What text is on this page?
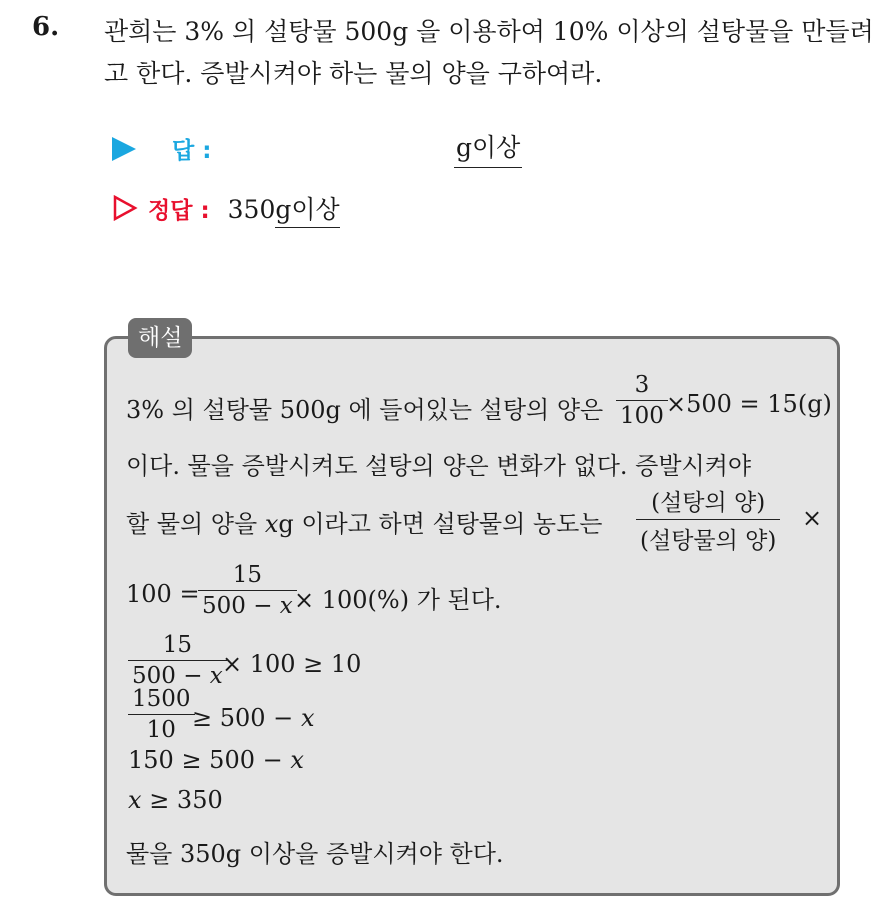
6. 관희는 3% 의 설탕물 500g 을 이용하여 10% 이상의 설탕물을 만들려
고 한다. 증발시켜야 하는 물의 양을 구하여라.
답 :	g이상
정답 : 350g이상
해설
3% 의 설탕물 500g 에 들어있는 설탕의 양은 $\frac{3}{100}$
×500 = 15(g)
이다. 물을 증발시켜도 설탕의 양은 변화가 없다. 증발시켜야
할 물의 양을 xg 이라고 하면 설탕물의 농도는
(설탕의 양)
(설탕물의 양)
×
100 =
$\frac{15}{500 - x}$
× 100(%) 가 된다.
$\frac{15}{500 - x}$
× 100 ≥ 10
$\frac{1500}{10}$
≥ 500 − x
150 ≥ 500 − x
x ≥ 350
물을 350g 이상을 증발시켜야 한다.
